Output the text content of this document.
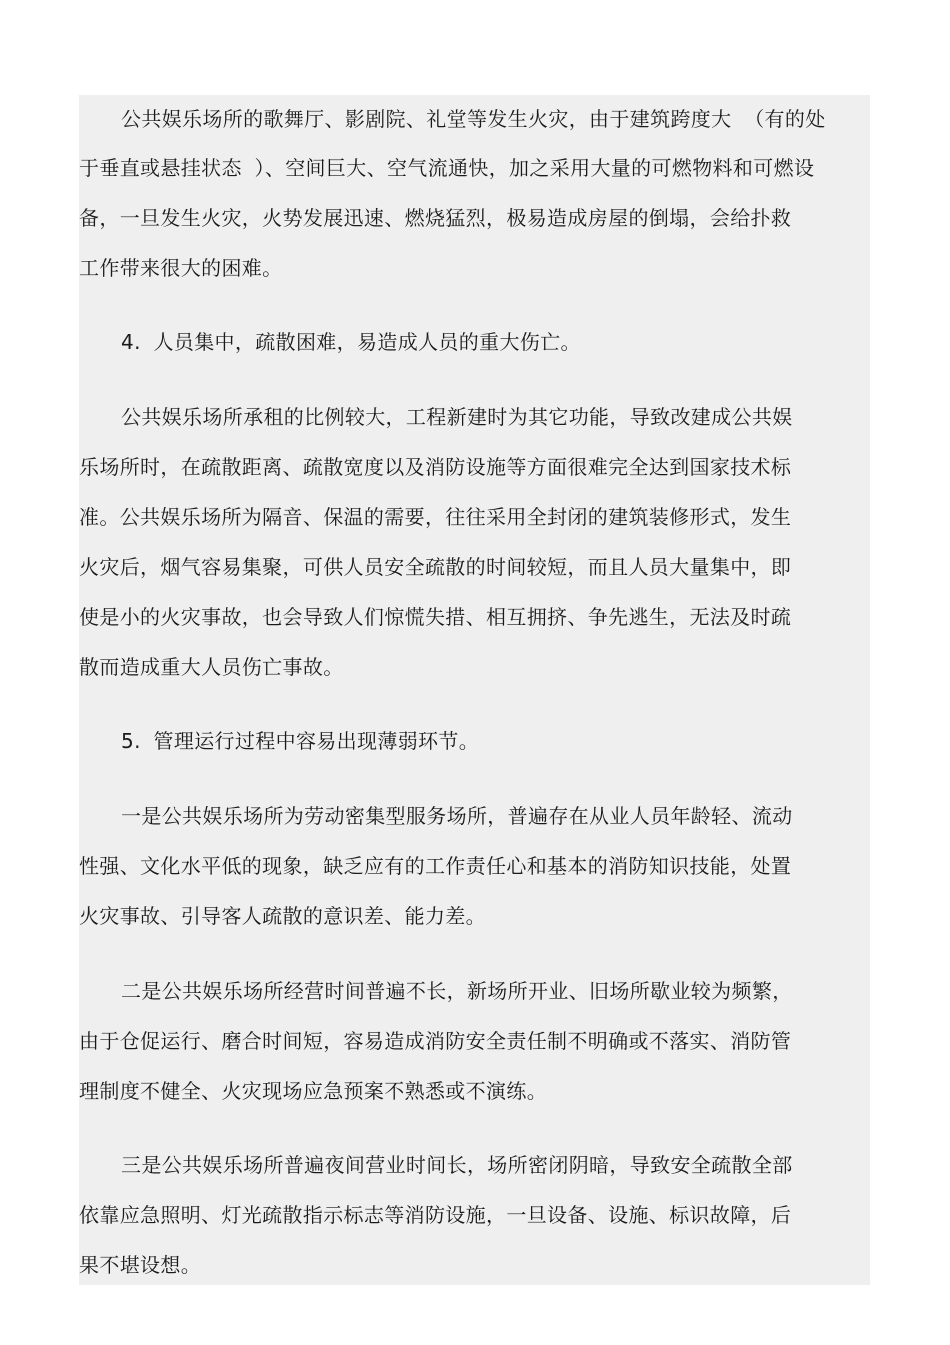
公共娱乐场所的歌舞厅、影剧院、礼堂等发生火灾，由于建筑跨度大 （有的处
于垂直或悬挂状态 ）、空间巨大、空气流通快，加之采用大量的可燃物料和可燃设
备，一旦发生火灾，火势发展迅速、燃烧猛烈，极易造成房屋的倒塌，会给扑救
工作带来很大的困难。
4. 人员集中，疏散困难，易造成人员的重大伤亡。
公共娱乐场所承租的比例较大，工程新建时为其它功能，导致改建成公共娱
乐场所时，在疏散距离、疏散宽度以及消防设施等方面很难完全达到国家技术标
准。公共娱乐场所为隔音、保温的需要，往往采用全封闭的建筑装修形式，发生
火灾后，烟气容易集聚，可供人员安全疏散的时间较短，而且人员大量集中，即
使是小的火灾事故，也会导致人们惊慌失措、相互拥挤、争先逃生，无法及时疏
散而造成重大人员伤亡事故。
5. 管理运行过程中容易出现薄弱环节。
一是公共娱乐场所为劳动密集型服务场所，普遍存在从业人员年龄轻、流动
性强、文化水平低的现象，缺乏应有的工作责任心和基本的消防知识技能，处置
火灾事故、引导客人疏散的意识差、能力差。
二是公共娱乐场所经营时间普遍不长，新场所开业、旧场所歇业较为频繁，
由于仓促运行、磨合时间短，容易造成消防安全责任制不明确或不落实、消防管
理制度不健全、火灾现场应急预案不熟悉或不演练。
三是公共娱乐场所普遍夜间营业时间长，场所密闭阴暗，导致安全疏散全部
依靠应急照明、灯光疏散指示标志等消防设施，一旦设备、设施、标识故障，后
果不堪设想。
